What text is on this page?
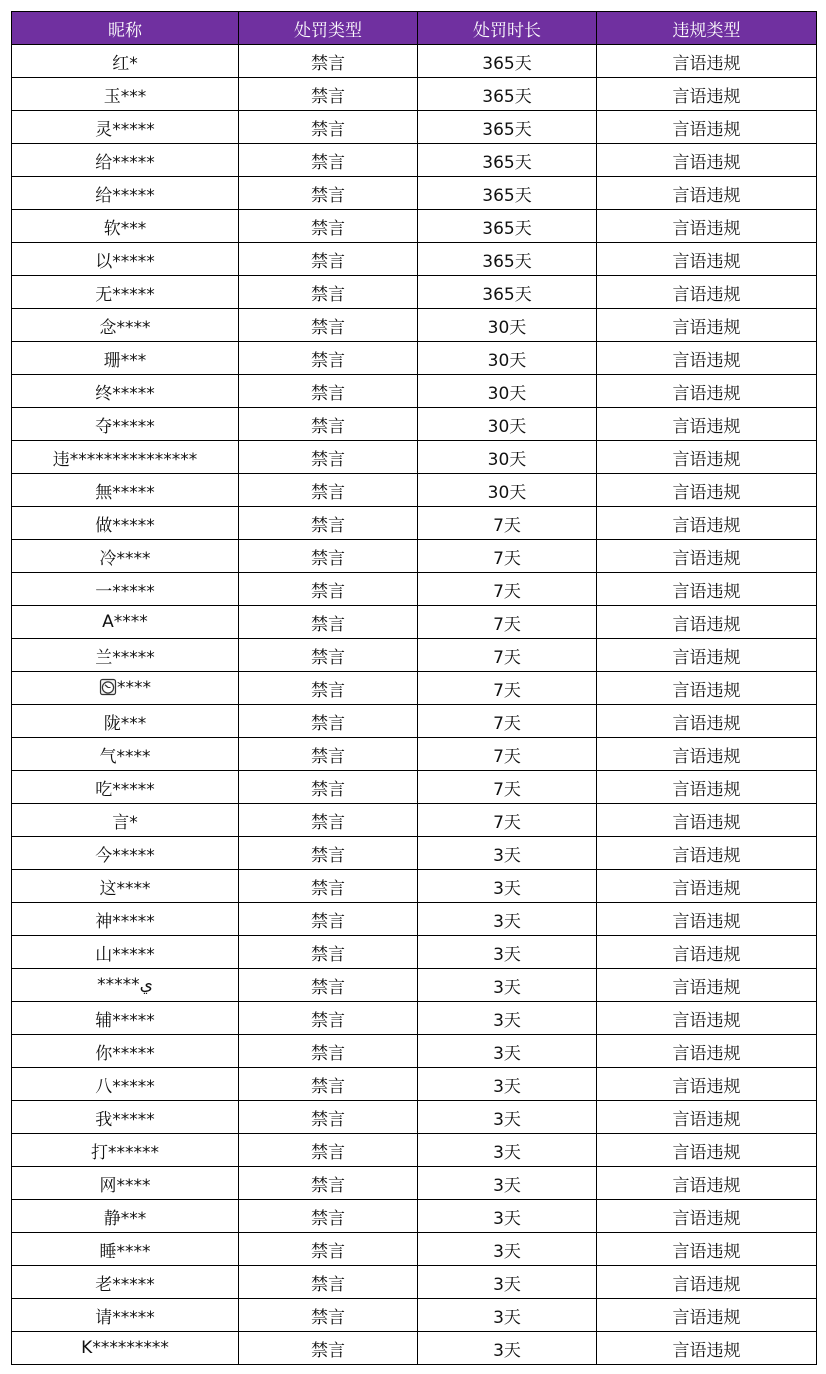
昵称	处罚类型	处罚时长	违规类型
红*	禁言	365天	言语违规
玉***	禁言	365天	言语违规
灵*****	禁言	365天	言语违规
给*****	禁言	365天	言语违规
给*****	禁言	365天	言语违规
软***	禁言	365天	言语违规
以*****	禁言	365天	言语违规
无*****	禁言	365天	言语违规
念****	禁言	30天	言语违规
珊***	禁言	30天	言语违规
终*****	禁言	30天	言语违规
夺*****	禁言	30天	言语违规
违***************	禁言	30天	言语违规
無*****	禁言	30天	言语违规
做*****	禁言	7天	言语违规
冷****	禁言	7天	言语违规
一*****	禁言	7天	言语违规
A****	禁言	7天	言语违规
兰*****	禁言	7天	言语违规
****	禁言	7天	言语违规
陇***	禁言	7天	言语违规
气****	禁言	7天	言语违规
吃*****	禁言	7天	言语违规
言*	禁言	7天	言语违规
今*****	禁言	3天	言语违规
这****	禁言	3天	言语违规
神*****	禁言	3天	言语违规
山*****	禁言	3天	言语违规
*****ي	禁言	3天	言语违规
辅*****	禁言	3天	言语违规
你*****	禁言	3天	言语违规
八*****	禁言	3天	言语违规
我*****	禁言	3天	言语违规
打******	禁言	3天	言语违规
网****	禁言	3天	言语违规
静***	禁言	3天	言语违规
睡****	禁言	3天	言语违规
老*****	禁言	3天	言语违规
请*****	禁言	3天	言语违规
K*********	禁言	3天	言语违规
